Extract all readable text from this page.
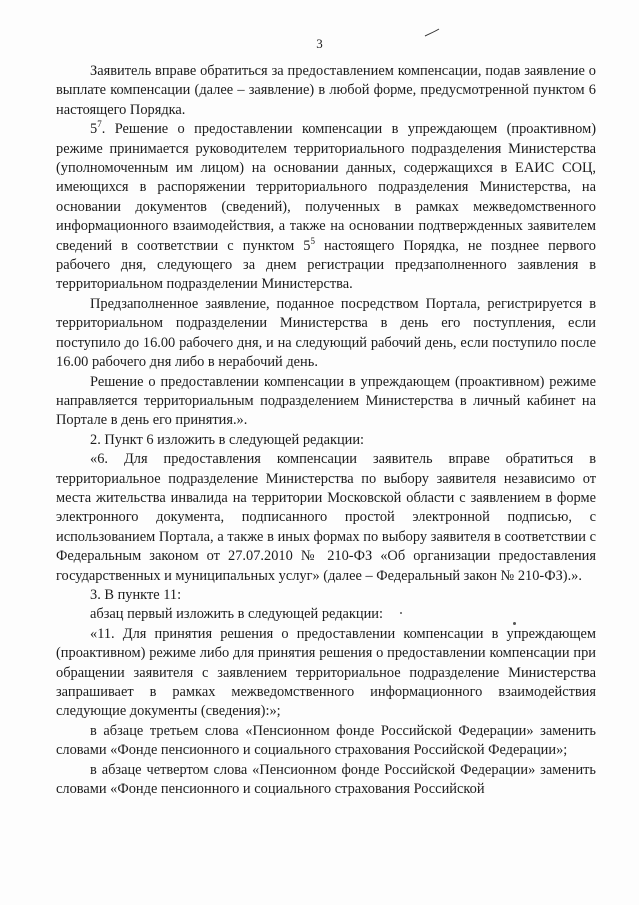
3

Заявитель вправе обратиться за предоставлением компенсации, подав заявление о выплате компенсации (далее – заявление) в любой форме, предусмотренной пунктом 6 настоящего Порядка.

$5^7$. Решение о предоставлении компенсации в упреждающем (проактивном) режиме принимается руководителем территориального подразделения Министерства (уполномоченным им лицом) на основании данных, содержащихся в ЕАИС СОЦ, имеющихся в распоряжении территориального подразделения Министерства, на основании документов (сведений), полученных в рамках межведомственного информационного взаимодействия, а также на основании подтвержденных заявителем сведений в соответствии с пунктом $5^5$ настоящего Порядка, не позднее первого рабочего дня, следующего за днем регистрации предзаполненного заявления в территориальном подразделении Министерства.

Предзаполненное заявление, поданное посредством Портала, регистрируется в территориальном подразделении Министерства в день его поступления, если поступило до 16.00 рабочего дня, и на следующий рабочий день, если поступило после 16.00 рабочего дня либо в нерабочий день.

Решение о предоставлении компенсации в упреждающем (проактивном) режиме направляется территориальным подразделением Министерства в личный кабинет на Портале в день его принятия.».

2. Пункт 6 изложить в следующей редакции:

«6. Для предоставления компенсации заявитель вправе обратиться в территориальное подразделение Министерства по выбору заявителя независимо от места жительства инвалида на территории Московской области с заявлением в форме электронного документа, подписанного простой электронной подписью, с использованием Портала, а также в иных формах по выбору заявителя в соответствии с Федеральным законом от 27.07.2010 № 210-ФЗ «Об организации предоставления государственных и муниципальных услуг» (далее – Федеральный закон № 210-ФЗ).».

3. В пункте 11:

абзац первый изложить в следующей редакции:

«11. Для принятия решения о предоставлении компенсации в упреждающем (проактивном) режиме либо для принятия решения о предоставлении компенсации при обращении заявителя с заявлением территориальное подразделение Министерства запрашивает в рамках межведомственного информационного взаимодействия следующие документы (сведения):»;

в абзаце третьем слова «Пенсионном фонде Российской Федерации» заменить словами «Фонде пенсионного и социального страхования Российской Федерации»;

в абзаце четвертом слова «Пенсионном фонде Российской Федерации» заменить словами «Фонде пенсионного и социального страхования Российской
